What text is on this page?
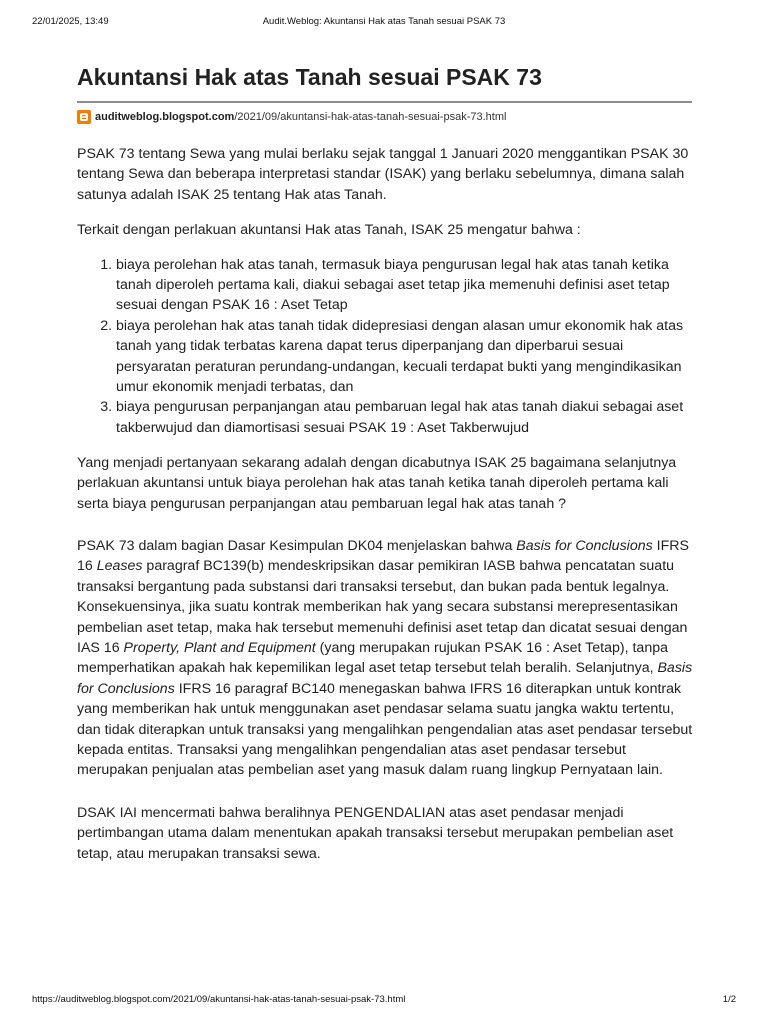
22/01/2025, 13:49	Audit.Weblog: Akuntansi Hak atas Tanah sesuai PSAK 73
Akuntansi Hak atas Tanah sesuai PSAK 73
auditweblog.blogspot.com /2021/09/akuntansi-hak-atas-tanah-sesuai-psak-73.html

PSAK 73 tentang Sewa yang mulai berlaku sejak tanggal 1 Januari 2020 menggantikan PSAK 30 tentang Sewa dan beberapa interpretasi standar (ISAK) yang berlaku sebelumnya, dimana salah satunya adalah ISAK 25 tentang Hak atas Tanah.

Terkait dengan perlakuan akuntansi Hak atas Tanah, ISAK 25 mengatur bahwa :

1. biaya perolehan hak atas tanah, termasuk biaya pengurusan legal hak atas tanah ketika tanah diperoleh pertama kali, diakui sebagai aset tetap jika memenuhi definisi aset tetap sesuai dengan PSAK 16 : Aset Tetap
2. biaya perolehan hak atas tanah tidak didepresiasi dengan alasan umur ekonomik hak atas tanah yang tidak terbatas karena dapat terus diperpanjang dan diperbarui sesuai persyaratan peraturan perundang-undangan, kecuali terdapat bukti yang mengindikasikan umur ekonomik menjadi terbatas, dan
3. biaya pengurusan perpanjangan atau pembaruan legal hak atas tanah diakui sebagai aset takberwujud dan diamortisasi sesuai PSAK 19 : Aset Takberwujud

Yang menjadi pertanyaan sekarang adalah dengan dicabutnya ISAK 25 bagaimana selanjutnya perlakuan akuntansi untuk biaya perolehan hak atas tanah ketika tanah diperoleh pertama kali serta biaya pengurusan perpanjangan atau pembaruan legal hak atas tanah ?

PSAK 73 dalam bagian Dasar Kesimpulan DK04 menjelaskan bahwa Basis for Conclusions IFRS 16 Leases paragraf BC139(b) mendeskripsikan dasar pemikiran IASB bahwa pencatatan suatu transaksi bergantung pada substansi dari transaksi tersebut, dan bukan pada bentuk legalnya. Konsekuensinya, jika suatu kontrak memberikan hak yang secara substansi merepresentasikan pembelian aset tetap, maka hak tersebut memenuhi definisi aset tetap dan dicatat sesuai dengan IAS 16 Property, Plant and Equipment (yang merupakan rujukan PSAK 16 : Aset Tetap), tanpa memperhatikan apakah hak kepemilikan legal aset tetap tersebut telah beralih. Selanjutnya, Basis for Conclusions IFRS 16 paragraf BC140 menegaskan bahwa IFRS 16 diterapkan untuk kontrak yang memberikan hak untuk menggunakan aset pendasar selama suatu jangka waktu tertentu, dan tidak diterapkan untuk transaksi yang mengalihkan pengendalian atas aset pendasar tersebut kepada entitas. Transaksi yang mengalihkan pengendalian atas aset pendasar tersebut merupakan penjualan atas pembelian aset yang masuk dalam ruang lingkup Pernyataan lain.

DSAK IAI mencermati bahwa beralihnya PENGENDALIAN atas aset pendasar menjadi pertimbangan utama dalam menentukan apakah transaksi tersebut merupakan pembelian aset tetap, atau merupakan transaksi sewa.

https://auditweblog.blogspot.com/2021/09/akuntansi-hak-atas-tanah-sesuai-psak-73.html	1/2
